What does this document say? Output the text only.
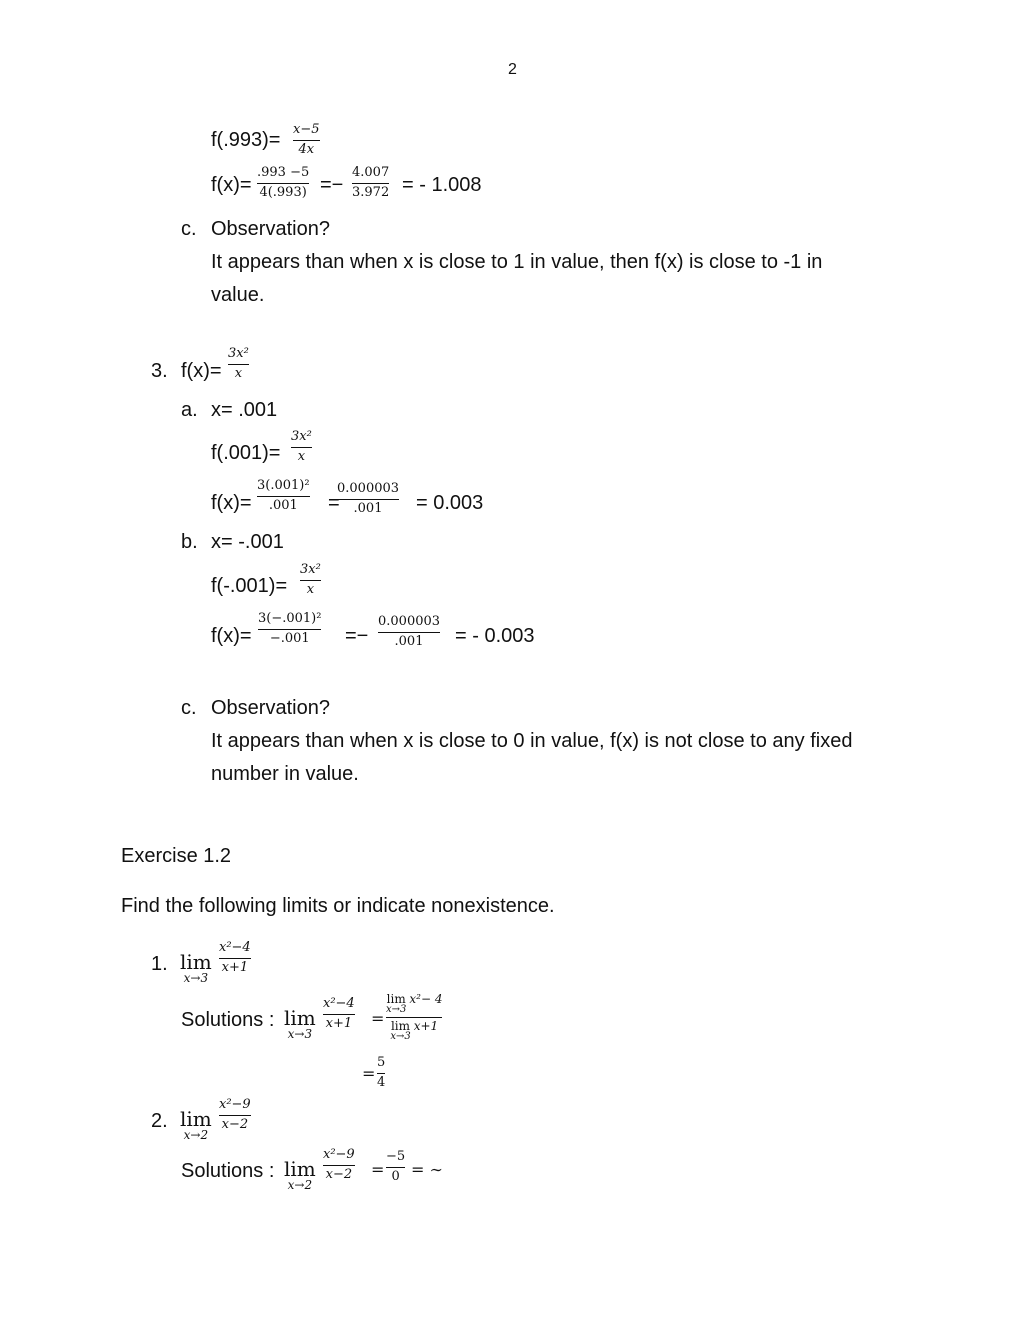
2
f(.993)= x−5
4x
f(x)=
.993 −5
4(.993) =−
4.007
3.972 = - 1.008
c. Observation?
It appears than when x is close to 1 in value, then f(x) is close to -1 in
value.
3. f(x)=
3x²
x
a. x= .001
f(.001)=
3x²
x
f(x)=
3(.001)²
.001 =
0.000003
.001 = 0.003
b. x= -.001
f(-.001)=
3x²
x
f(x)=
3(−.001)²
−.001 =−
0.000003
.001 = - 0.003
c. Observation?
It appears than when x is close to 0 in value, f(x) is not close to any fixed
number in value.
Exercise 1.2
Find the following limits or indicate nonexistence.
1. lim
x→3
x²−4
x+1
Solutions : lim
x→3
x²−4
x+1 =
lim
x→3
x²− 4
lim
x→3
x+1
=
5
4
2. lim
x→2
x²−9
x−2
Solutions : lim
x→2
x²−9
x−2 =
−5
0 = ∼
